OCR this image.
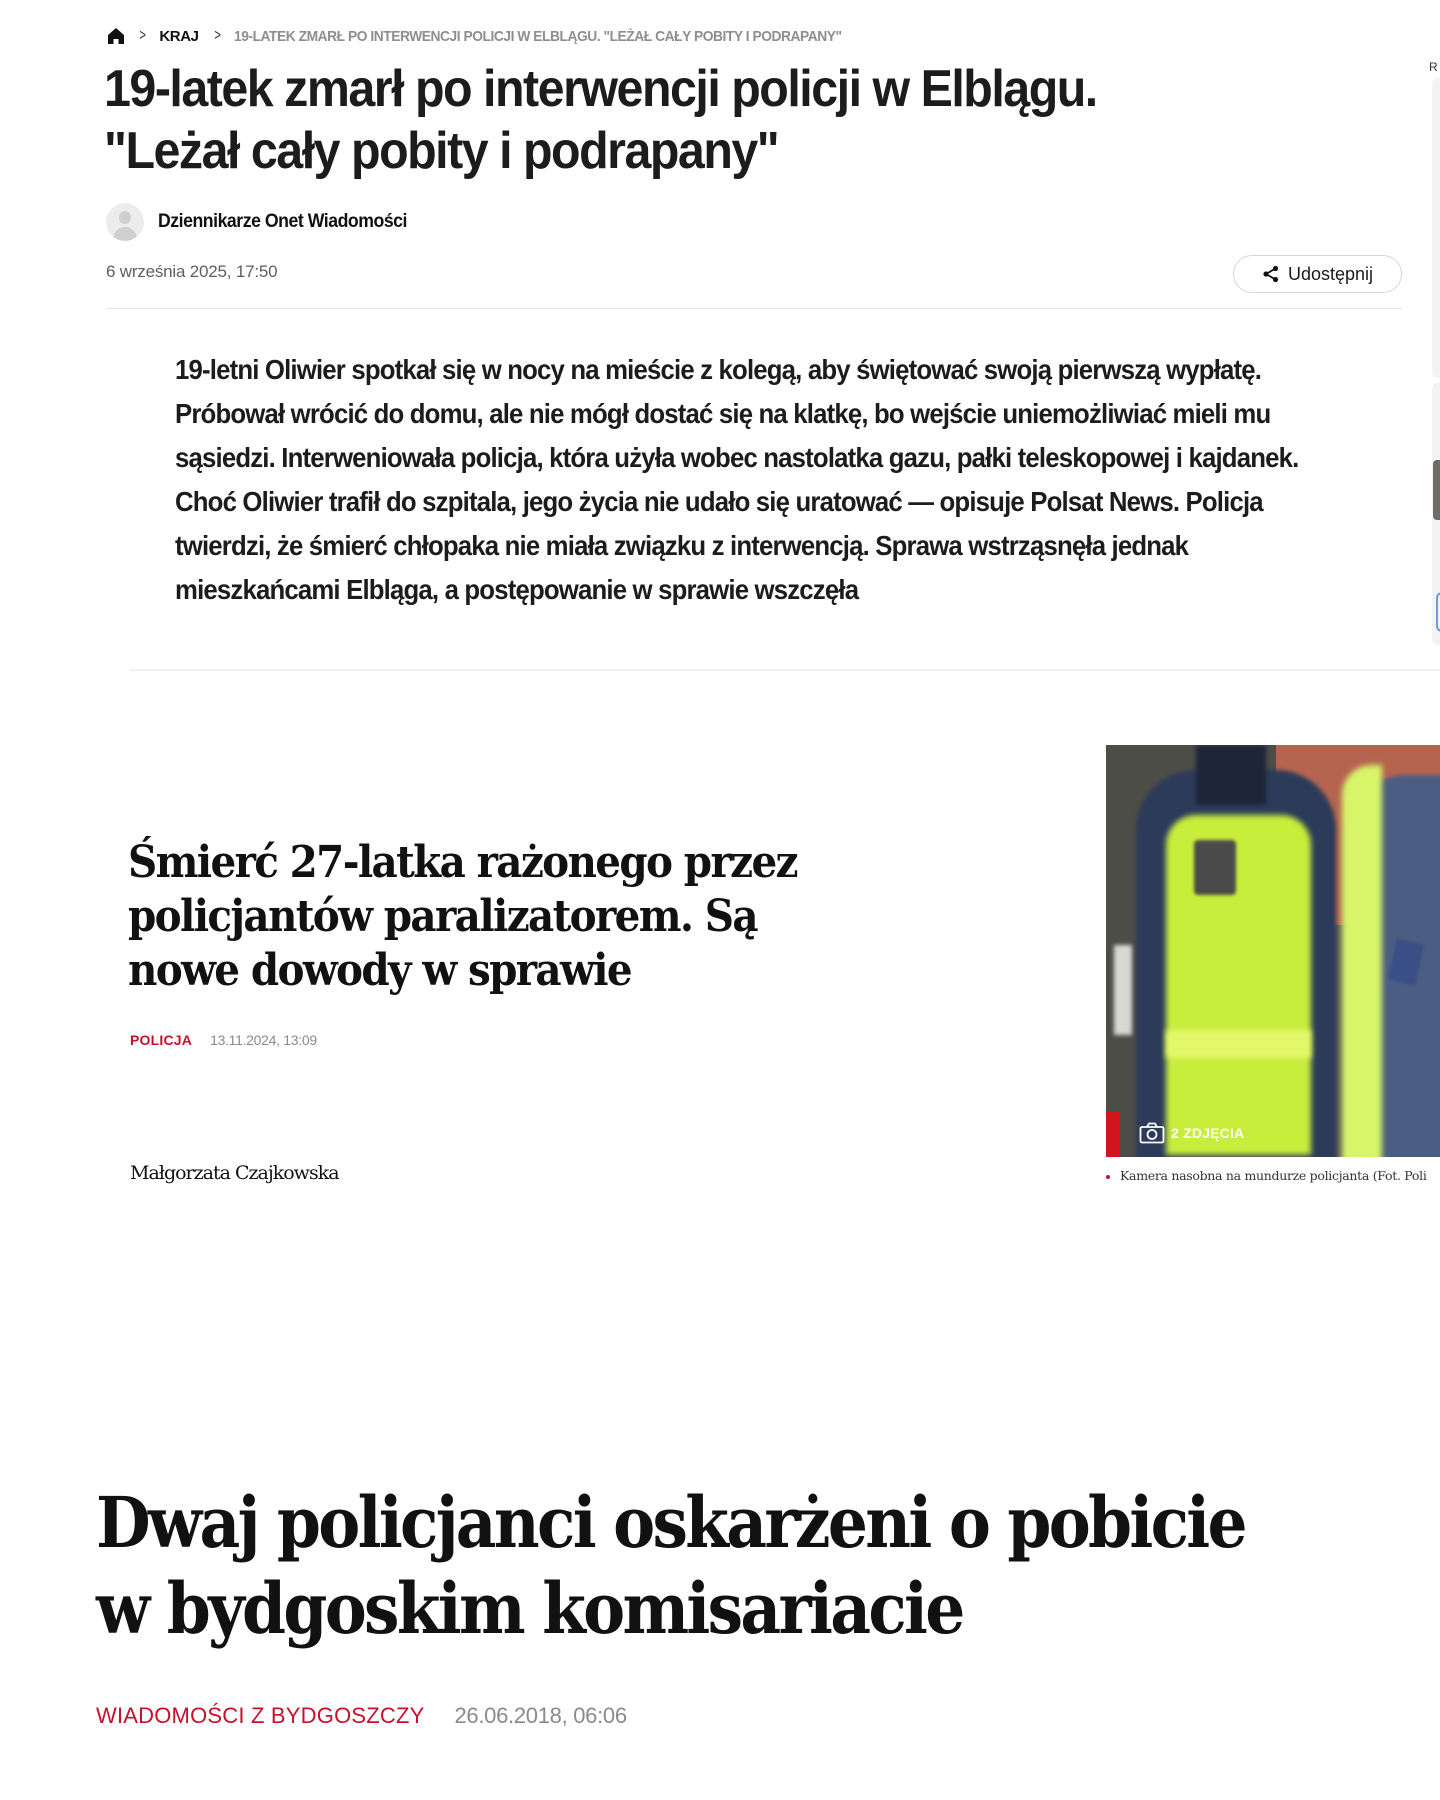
> KRAJ > 19-LATEK ZMARŁ PO INTERWENCJI POLICJI W ELBLĄGU. "LEŻAŁ CAŁY POBITY I PODRAPANY"
19-latek zmarł po interwencji policji w Elblągu.
"Leżał cały pobity i podrapany"
Dziennikarze Onet Wiadomości
6 września 2025, 17:50	Udostępnij

19-letni Oliwier spotkał się w nocy na mieście z kolegą, aby świętować swoją pierwszą wypłatę. Próbował wrócić do domu, ale nie mógł dostać się na klatkę, bo wejście uniemożliwiać mieli mu sąsiedzi. Interweniowała policja, która użyła wobec nastolatka gazu, pałki teleskopowej i kajdanek. Choć Oliwier trafił do szpitala, jego życia nie udało się uratować — opisuje Polsat News. Policja twierdzi, że śmierć chłopaka nie miała związku z interwencją. Sprawa wstrząsnęła jednak mieszkańcami Elbląga, a postępowanie w sprawie wszczęła

R
Śmierć 27-latka rażonego przez policjantów paralizatorem. Są nowe dowody w sprawie
POLICJA 13.11.2024, 13:09
Małgorzata Czajkowska
2 ZDJĘCIA
Kamera nasobna na mundurze policjanta (Fot. Poli
Dwaj policjanci oskarżeni o pobicie w bydgoskim komisariacie
WIADOMOŚCI Z BYDGOSZCZY 26.06.2018, 06:06
